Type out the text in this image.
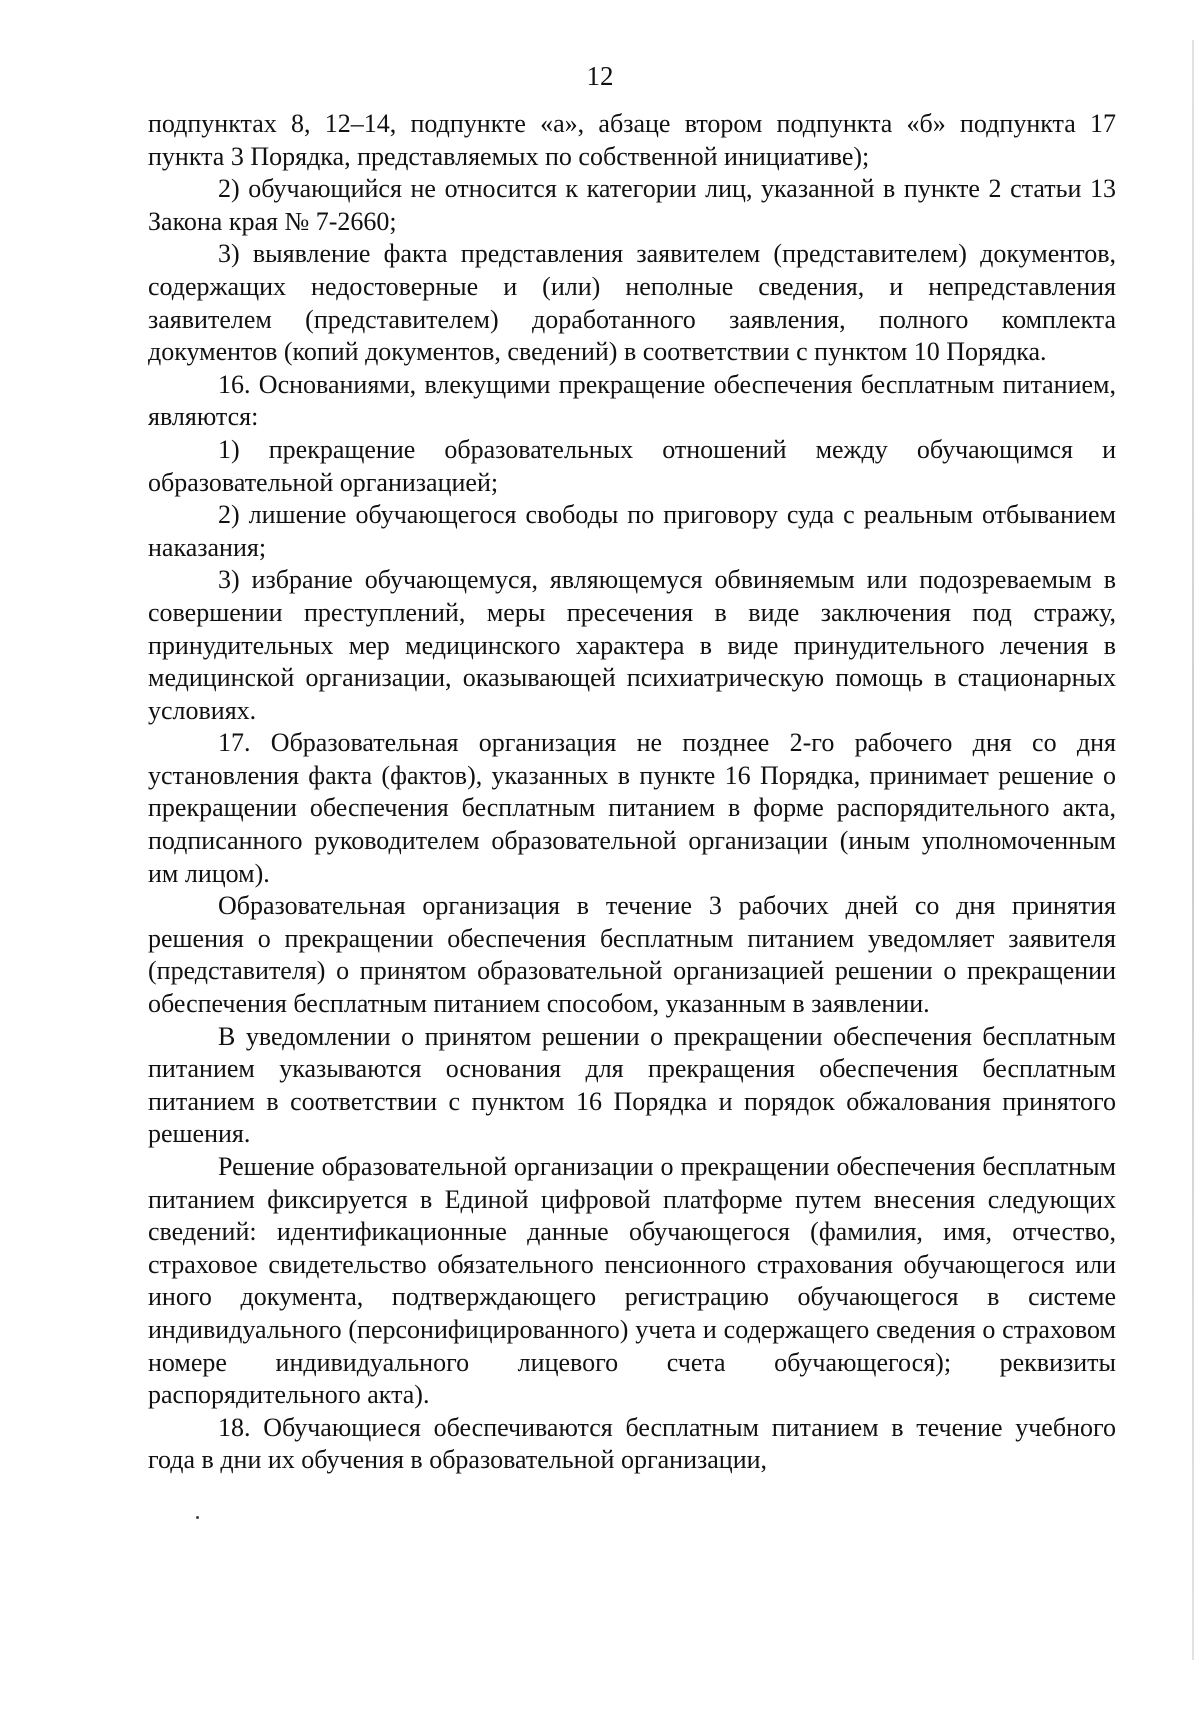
12

подпунктах 8, 12–14, подпункте «а», абзаце втором подпункта «б» подпункта 17 пункта 3 Порядка, представляемых по собственной инициативе);

2) обучающийся не относится к категории лиц, указанной в пункте 2 статьи 13 Закона края № 7-2660;

3) выявление факта представления заявителем (представителем) документов, содержащих недостоверные и (или) неполные сведения, и непредставления заявителем (представителем) доработанного заявления, полного комплекта документов (копий документов, сведений) в соответствии с пунктом 10 Порядка.

16. Основаниями, влекущими прекращение обеспечения бесплатным питанием, являются:

1) прекращение образовательных отношений между обучающимся и образовательной организацией;

2) лишение обучающегося свободы по приговору суда с реальным отбыванием наказания;

3) избрание обучающемуся, являющемуся обвиняемым или подозреваемым в совершении преступлений, меры пресечения в виде заключения под стражу, принудительных мер медицинского характера в виде принудительного лечения в медицинской организации, оказывающей психиатрическую помощь в стационарных условиях.

17. Образовательная организация не позднее 2-го рабочего дня со дня установления факта (фактов), указанных в пункте 16 Порядка, принимает решение о прекращении обеспечения бесплатным питанием в форме распорядительного акта, подписанного руководителем образовательной организации (иным уполномоченным им лицом).

Образовательная организация в течение 3 рабочих дней со дня принятия решения о прекращении обеспечения бесплатным питанием уведомляет заявителя (представителя) о принятом образовательной организацией решении о прекращении обеспечения бесплатным питанием способом, указанным в заявлении.

В уведомлении о принятом решении о прекращении обеспечения бесплатным питанием указываются основания для прекращения обеспечения бесплатным питанием в соответствии с пунктом 16 Порядка и порядок обжалования принятого решения.

Решение образовательной организации о прекращении обеспечения бесплатным питанием фиксируется в Единой цифровой платформе путем внесения следующих сведений: идентификационные данные обучающегося (фамилия, имя, отчество, страховое свидетельство обязательного пенсионного страхования обучающегося или иного документа, подтверждающего регистрацию обучающегося в системе индивидуального (персонифицированного) учета и содержащего сведения о страховом номере индивидуального лицевого счета обучающегося); реквизиты распорядительного акта).

18. Обучающиеся обеспечиваются бесплатным питанием в течение учебного года в дни их обучения в образовательной организации,
